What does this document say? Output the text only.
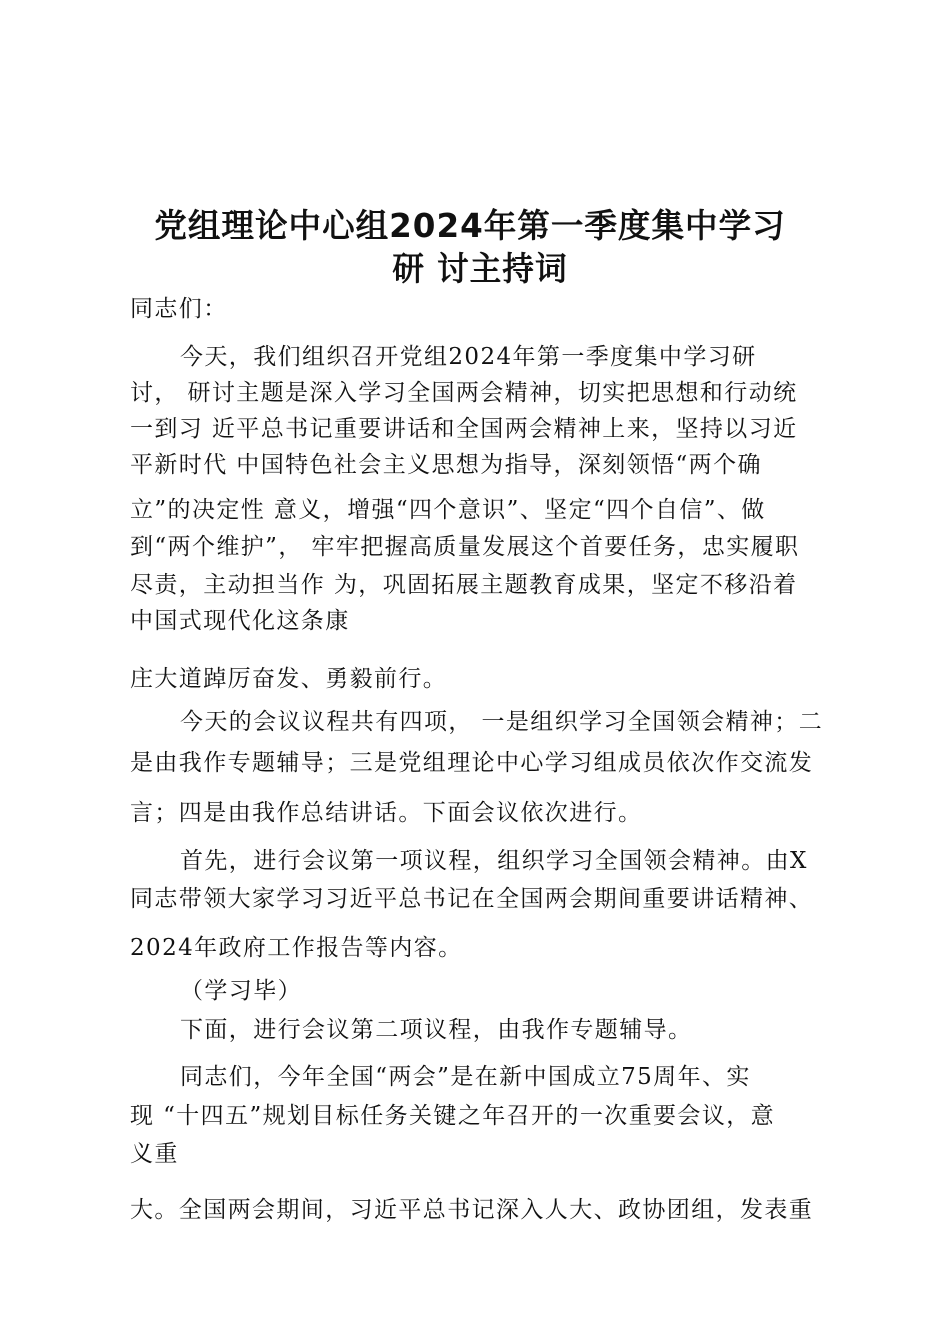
党组理论中心组2024年第一季度集中学习
研 讨主持词
同志们：
今天，我们组织召开党组2024年第一季度集中学习研
讨， 研讨主题是深入学习全国两会精神，切实把思想和行动统
一到习 近平总书记重要讲话和全国两会精神上来，坚持以习近
平新时代 中国特色社会主义思想为指导，深刻领悟“两个确
立”的决定性 意义，增强“四个意识”、坚定“四个自信”、做
到“两个维护”， 牢牢把握高质量发展这个首要任务，忠实履职
尽责，主动担当作 为，巩固拓展主题教育成果，坚定不移沿着
中国式现代化这条康
庄大道踔厉奋发、勇毅前行。
今天的会议议程共有四项， 一是组织学习全国领会精神；二
是由我作专题辅导；三是党组理论中心学习组成员依次作交流发
言；四是由我作总结讲话。下面会议依次进行。
首先，进行会议第一项议程，组织学习全国领会精神。由X
同志带领大家学习习近平总书记在全国两会期间重要讲话精神、
2024年政府工作报告等内容。
（学习毕）
下面，进行会议第二项议程，由我作专题辅导。
同志们，今年全国“两会”是在新中国成立75周年、实
现 “十四五”规划目标任务关键之年召开的一次重要会议，意
义重
大。全国两会期间，习近平总书记深入人大、政协团组，发表重
